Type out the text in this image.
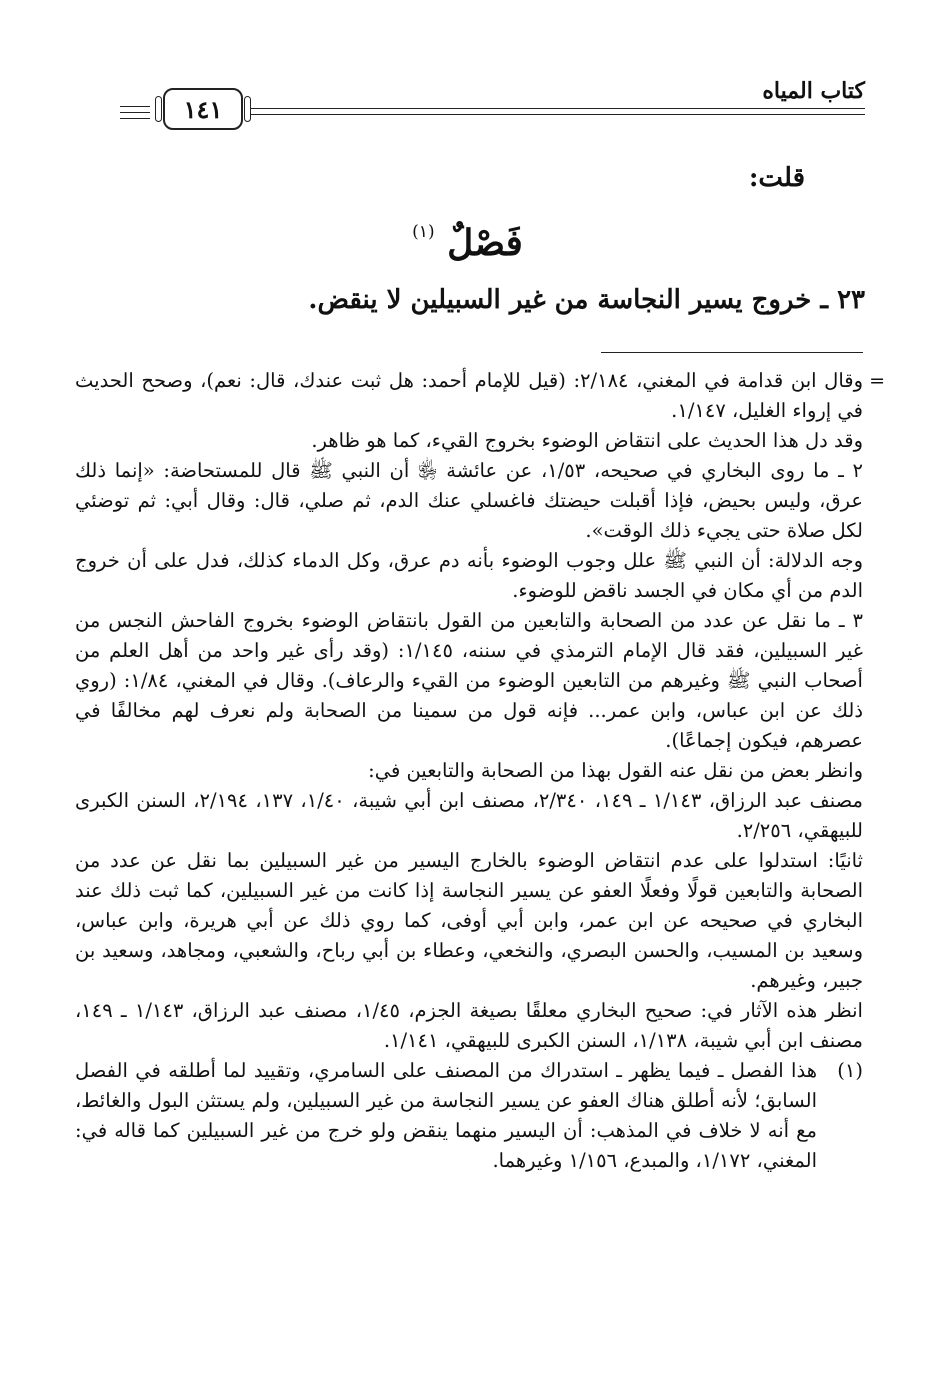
كتاب المياه
١٤١
قلت:
فَصْلٌ $^{(١)}$
٢٣ ـ خروج يسير النجاسة من غير السبيلين لا ينقض.

=
وقال ابن قدامة في المغني، ٢/١٨٤: (قيل للإمام أحمد: هل ثبت عندك، قال: نعم)، وصحح الحديث في إرواء الغليل، ١/١٤٧.

وقد دل هذا الحديث على انتقاض الوضوء بخروج القيء، كما هو ظاهر.

٢ ـ ما روى البخاري في صحيحه، ١/٥٣، عن عائشة ﵂ أن النبي ﷺ قال للمستحاضة: «إنما ذلك عرق، وليس بحيض، فإذا أقبلت حيضتك فاغسلي عنك الدم، ثم صلي، قال: وقال أبي: ثم توضئي لكل صلاة حتى يجيء ذلك الوقت».

وجه الدلالة: أن النبي ﷺ علل وجوب الوضوء بأنه دم عرق، وكل الدماء كذلك، فدل على أن خروج الدم من أي مكان في الجسد ناقض للوضوء.

٣ ـ ما نقل عن عدد من الصحابة والتابعين من القول بانتقاض الوضوء بخروج الفاحش النجس من غير السبيلين، فقد قال الإمام الترمذي في سننه، ١/١٤٥: (وقد رأى غير واحد من أهل العلم من أصحاب النبي ﷺ وغيرهم من التابعين الوضوء من القيء والرعاف). وقال في المغني، ١/٨٤: (روي ذلك عن ابن عباس، وابن عمر... فإنه قول من سمينا من الصحابة ولم نعرف لهم مخالفًا في عصرهم، فيكون إجماعًا).

وانظر بعض من نقل عنه القول بهذا من الصحابة والتابعين في:

مصنف عبد الرزاق، ١/١٤٣ ـ ١٤٩، ٢/٣٤٠، مصنف ابن أبي شيبة، ١/٤٠، ١٣٧، ٢/١٩٤، السنن الكبرى للبيهقي، ٢/٢٥٦.

ثانيًا: استدلوا على عدم انتقاض الوضوء بالخارج اليسير من غير السبيلين بما نقل عن عدد من الصحابة والتابعين قولًا وفعلًا العفو عن يسير النجاسة إذا كانت من غير السبيلين، كما ثبت ذلك عند البخاري في صحيحه عن ابن عمر، وابن أبي أوفى، كما روي ذلك عن أبي هريرة، وابن عباس، وسعيد بن المسيب، والحسن البصري، والنخعي، وعطاء بن أبي رباح، والشعبي، ومجاهد، وسعيد بن جبير، وغيرهم.

انظر هذه الآثار في: صحيح البخاري معلقًا بصيغة الجزم، ١/٤٥، مصنف عبد الرزاق، ١/١٤٣ ـ ١٤٩، مصنف ابن أبي شيبة، ١/١٣٨، السنن الكبرى للبيهقي، ١/١٤١.

(١)
هذا الفصل ـ فيما يظهر ـ استدراك من المصنف على السامري، وتقييد لما أطلقه في الفصل السابق؛ لأنه أطلق هناك العفو عن يسير النجاسة من غير السبيلين، ولم يستثن البول والغائط، مع أنه لا خلاف في المذهب: أن اليسير منهما ينقض ولو خرج من غير السبيلين كما قاله في: المغني، ١/١٧٢، والمبدع، ١/١٥٦ وغيرهما.
